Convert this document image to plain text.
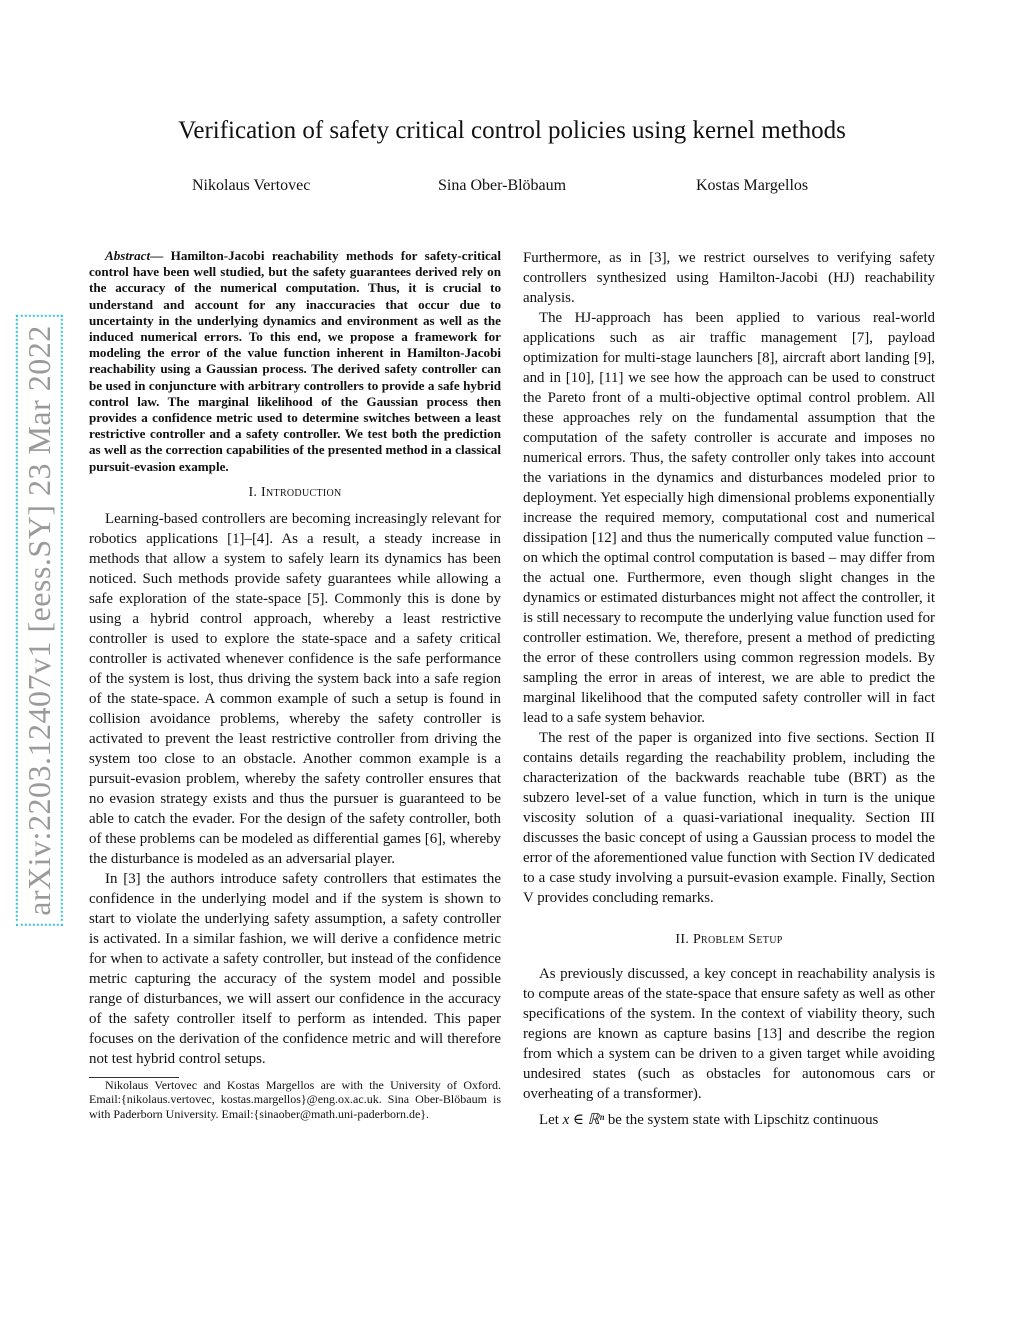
arXiv:2203.12407v1 [eess.SY] 23 Mar 2022
Verification of safety critical control policies using kernel methods
Nikolaus Vertovec	Sina Ober-Blöbaum	Kostas Margellos

Abstract— Hamilton-Jacobi reachability methods for safety-critical control have been well studied, but the safety guarantees derived rely on the accuracy of the numerical computation. Thus, it is crucial to understand and account for any inaccuracies that occur due to uncertainty in the underlying dynamics and environment as well as the induced numerical errors. To this end, we propose a framework for modeling the error of the value function inherent in Hamilton-Jacobi reachability using a Gaussian process. The derived safety controller can be used in conjuncture with arbitrary controllers to provide a safe hybrid control law. The marginal likelihood of the Gaussian process then provides a confidence metric used to determine switches between a least restrictive controller and a safety controller. We test both the prediction as well as the correction capabilities of the presented method in a classical pursuit-evasion example.

I. Introduction

Learning-based controllers are becoming increasingly relevant for robotics applications [1]–[4]. As a result, a steady increase in methods that allow a system to safely learn its dynamics has been noticed. Such methods provide safety guarantees while allowing a safe exploration of the state-space [5]. Commonly this is done by using a hybrid control approach, whereby a least restrictive controller is used to explore the state-space and a safety critical controller is activated whenever confidence is the safe performance of the system is lost, thus driving the system back into a safe region of the state-space. A common example of such a setup is found in collision avoidance problems, whereby the safety controller is activated to prevent the least restrictive controller from driving the system too close to an obstacle. Another common example is a pursuit-evasion problem, whereby the safety controller ensures that no evasion strategy exists and thus the pursuer is guaranteed to be able to catch the evader. For the design of the safety controller, both of these problems can be modeled as differential games [6], whereby the disturbance is modeled as an adversarial player.

In [3] the authors introduce safety controllers that estimates the confidence in the underlying model and if the system is shown to start to violate the underlying safety assumption, a safety controller is activated. In a similar fashion, we will derive a confidence metric for when to activate a safety controller, but instead of the confidence metric capturing the accuracy of the system model and possible range of disturbances, we will assert our confidence in the accuracy of the safety controller itself to perform as intended. This paper focuses on the derivation of the confidence metric and will therefore not test hybrid control setups.

Nikolaus Vertovec and Kostas Margellos are with the University of Oxford. Email:{nikolaus.vertovec, kostas.margellos}@eng.ox.ac.uk. Sina Ober-Blöbaum is with Paderborn University. Email:{sinaober@math.uni-paderborn.de}.

Furthermore, as in [3], we restrict ourselves to verifying safety controllers synthesized using Hamilton-Jacobi (HJ) reachability analysis.

The HJ-approach has been applied to various real-world applications such as air traffic management [7], payload optimization for multi-stage launchers [8], aircraft abort landing [9], and in [10], [11] we see how the approach can be used to construct the Pareto front of a multi-objective optimal control problem. All these approaches rely on the fundamental assumption that the computation of the safety controller is accurate and imposes no numerical errors. Thus, the safety controller only takes into account the variations in the dynamics and disturbances modeled prior to deployment. Yet especially high dimensional problems exponentially increase the required memory, computational cost and numerical dissipation [12] and thus the numerically computed value function – on which the optimal control computation is based – may differ from the actual one. Furthermore, even though slight changes in the dynamics or estimated disturbances might not affect the controller, it is still necessary to recompute the underlying value function used for controller estimation. We, therefore, present a method of predicting the error of these controllers using common regression models. By sampling the error in areas of interest, we are able to predict the marginal likelihood that the computed safety controller will in fact lead to a safe system behavior.

The rest of the paper is organized into five sections. Section II contains details regarding the reachability problem, including the characterization of the backwards reachable tube (BRT) as the subzero level-set of a value function, which in turn is the unique viscosity solution of a quasi-variational inequality. Section III discusses the basic concept of using a Gaussian process to model the error of the aforementioned value function with Section IV dedicated to a case study involving a pursuit-evasion example. Finally, Section V provides concluding remarks.

II. Problem Setup

As previously discussed, a key concept in reachability analysis is to compute areas of the state-space that ensure safety as well as other specifications of the system. In the context of viability theory, such regions are known as capture basins [13] and describe the region from which a system can be driven to a given target while avoiding undesired states (such as obstacles for autonomous cars or overheating of a transformer).

Let x ∈ ℝⁿ be the system state with Lipschitz continuous
